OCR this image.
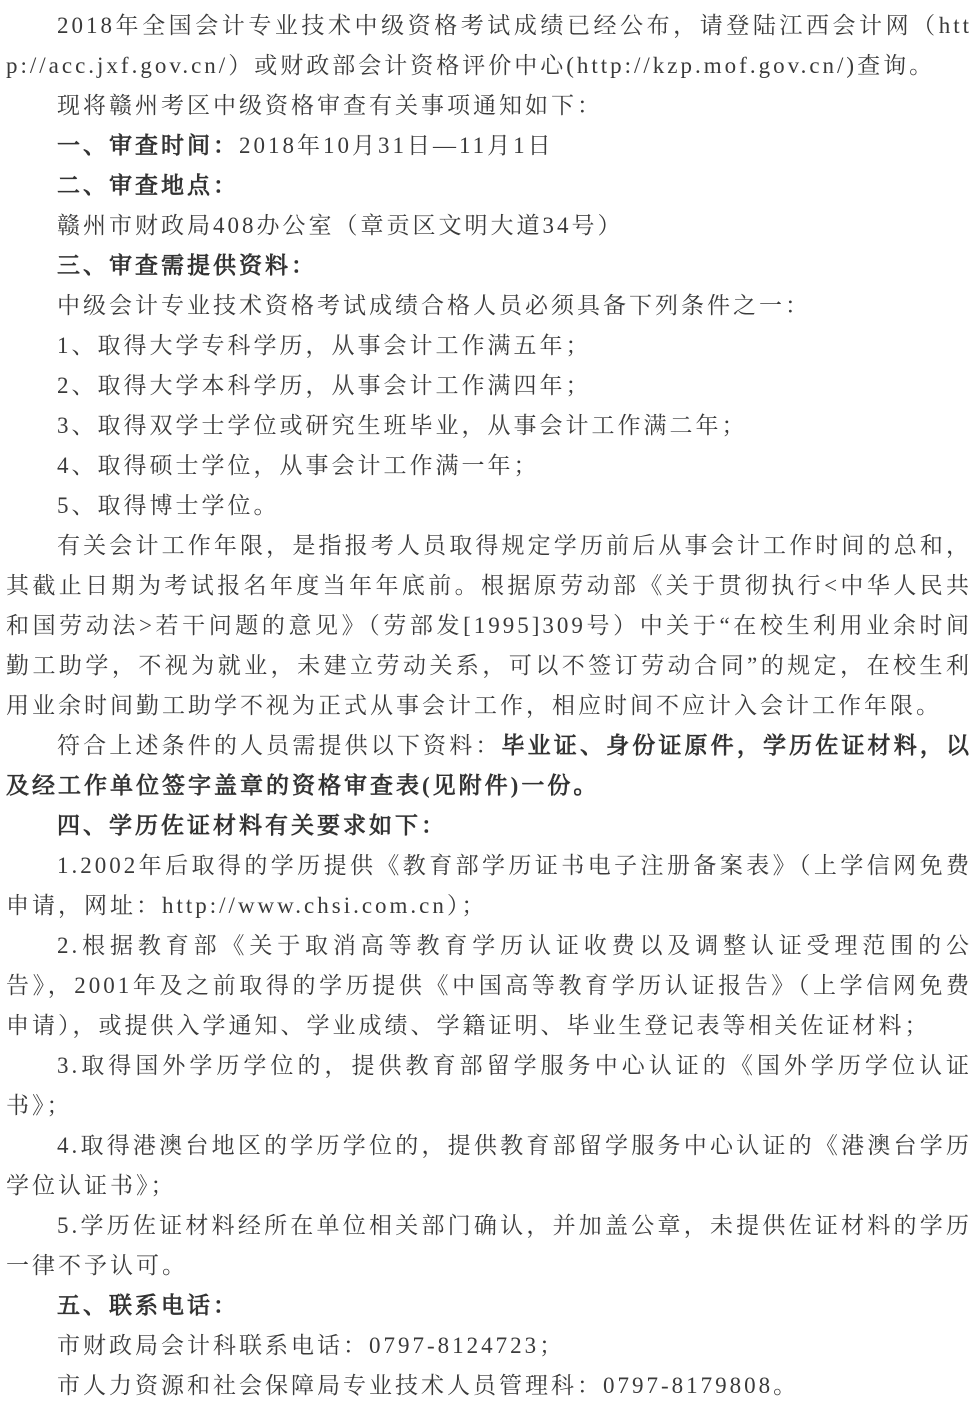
2018年全国会计专业技术中级资格考试成绩已经公布，请登陆江西会计网（http://acc.jxf.gov.cn/）或财政部会计资格评价中心(http://kzp.mof.gov.cn/)查询。

现将赣州考区中级资格审查有关事项通知如下：

一、审查时间：2018年10月31日—11月1日

二、审查地点：

赣州市财政局408办公室（章贡区文明大道34号）

三、审查需提供资料：

中级会计专业技术资格考试成绩合格人员必须具备下列条件之一：

1、取得大学专科学历，从事会计工作满五年；

2、取得大学本科学历，从事会计工作满四年；

3、取得双学士学位或研究生班毕业，从事会计工作满二年；

4、取得硕士学位，从事会计工作满一年；

5、取得博士学位。

有关会计工作年限，是指报考人员取得规定学历前后从事会计工作时间的总和，其截止日期为考试报名年度当年年底前。根据原劳动部《关于贯彻执行<中华人民共和国劳动法>若干问题的意见》（劳部发[1995]309号）中关于“在校生利用业余时间勤工助学，不视为就业，未建立劳动关系，可以不签订劳动合同”的规定，在校生利用业余时间勤工助学不视为正式从事会计工作，相应时间不应计入会计工作年限。

符合上述条件的人员需提供以下资料：毕业证、身份证原件，学历佐证材料，以及经工作单位签字盖章的资格审查表(见附件)一份。

四、学历佐证材料有关要求如下：

1.2002年后取得的学历提供《教育部学历证书电子注册备案表》（上学信网免费申请，网址：http://www.chsi.com.cn）；

2.根据教育部《关于取消高等教育学历认证收费以及调整认证受理范围的公告》，2001年及之前取得的学历提供《中国高等教育学历认证报告》（上学信网免费申请），或提供入学通知、学业成绩、学籍证明、毕业生登记表等相关佐证材料；

3.取得国外学历学位的，提供教育部留学服务中心认证的《国外学历学位认证书》；

4.取得港澳台地区的学历学位的，提供教育部留学服务中心认证的《港澳台学历学位认证书》；

5.学历佐证材料经所在单位相关部门确认，并加盖公章，未提供佐证材料的学历一律不予认可。

五、联系电话：

市财政局会计科联系电话：0797-8124723；

市人力资源和社会保障局专业技术人员管理科：0797-8179808。
